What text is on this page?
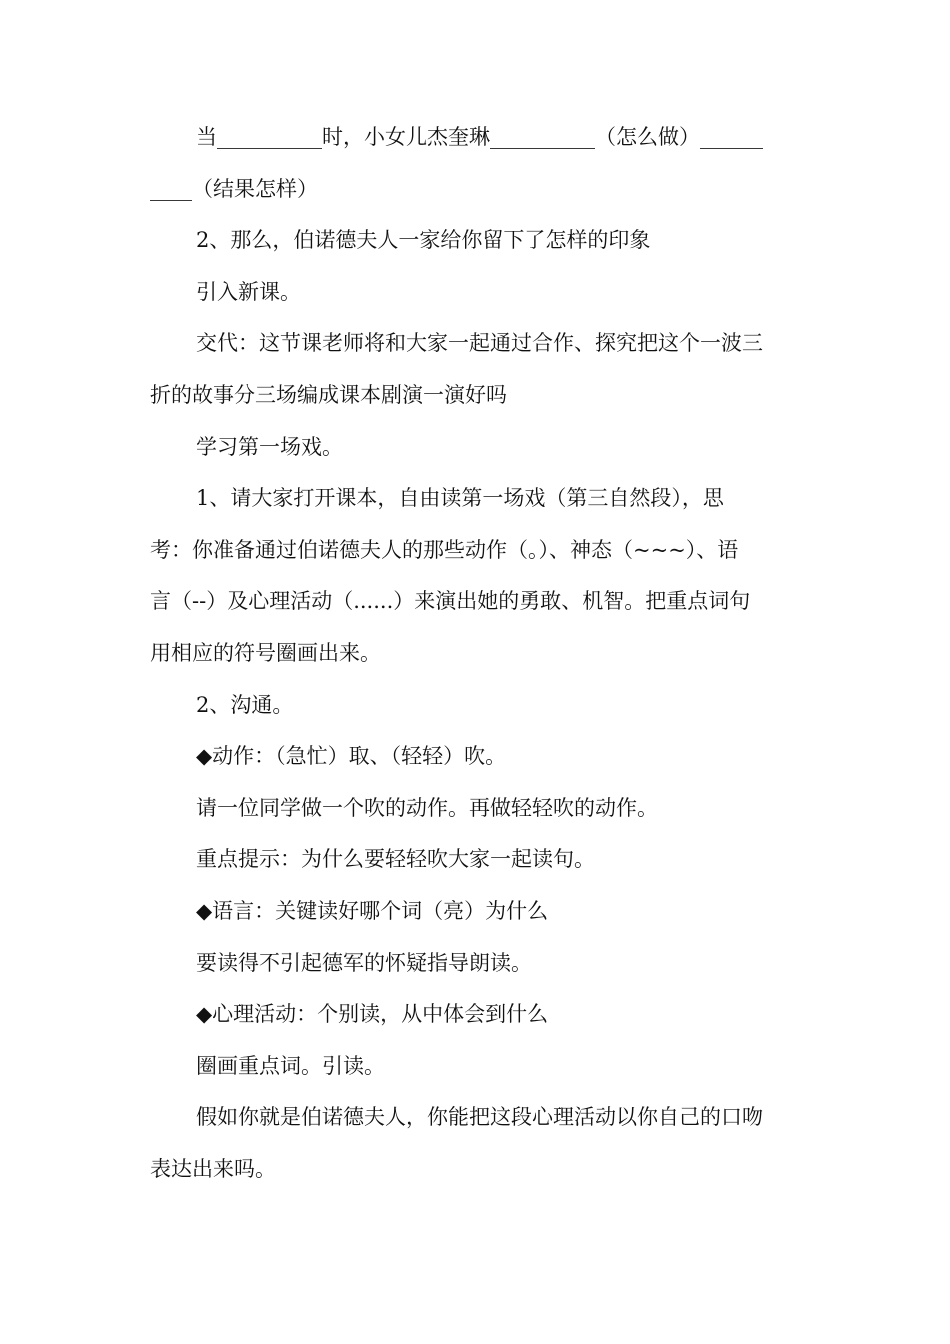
当__________时，小女儿杰奎琳__________（怎么做）______
____（结果怎样）
2、那么，伯诺德夫人一家给你留下了怎样的印象
引入新课。
交代：这节课老师将和大家一起通过合作、探究把这个一波三
折的故事分三场编成课本剧演一演好吗
学习第一场戏。
1、请大家打开课本，自由读第一场戏（第三自然段），思
考：你准备通过伯诺德夫人的那些动作（。）、神态（~~~）、语
言（--）及心理活动（......）来演出她的勇敢、机智。把重点词句
用相应的符号圈画出来。
2、沟通。
◆动作：（急忙）取、（轻轻）吹。
请一位同学做一个吹的动作。再做轻轻吹的动作。
重点提示：为什么要轻轻吹大家一起读句。
◆语言：关键读好哪个词（亮）为什么
要读得不引起德军的怀疑指导朗读。
◆心理活动：个别读，从中体会到什么
圈画重点词。引读。
假如你就是伯诺德夫人，你能把这段心理活动以你自己的口吻
表达出来吗。
